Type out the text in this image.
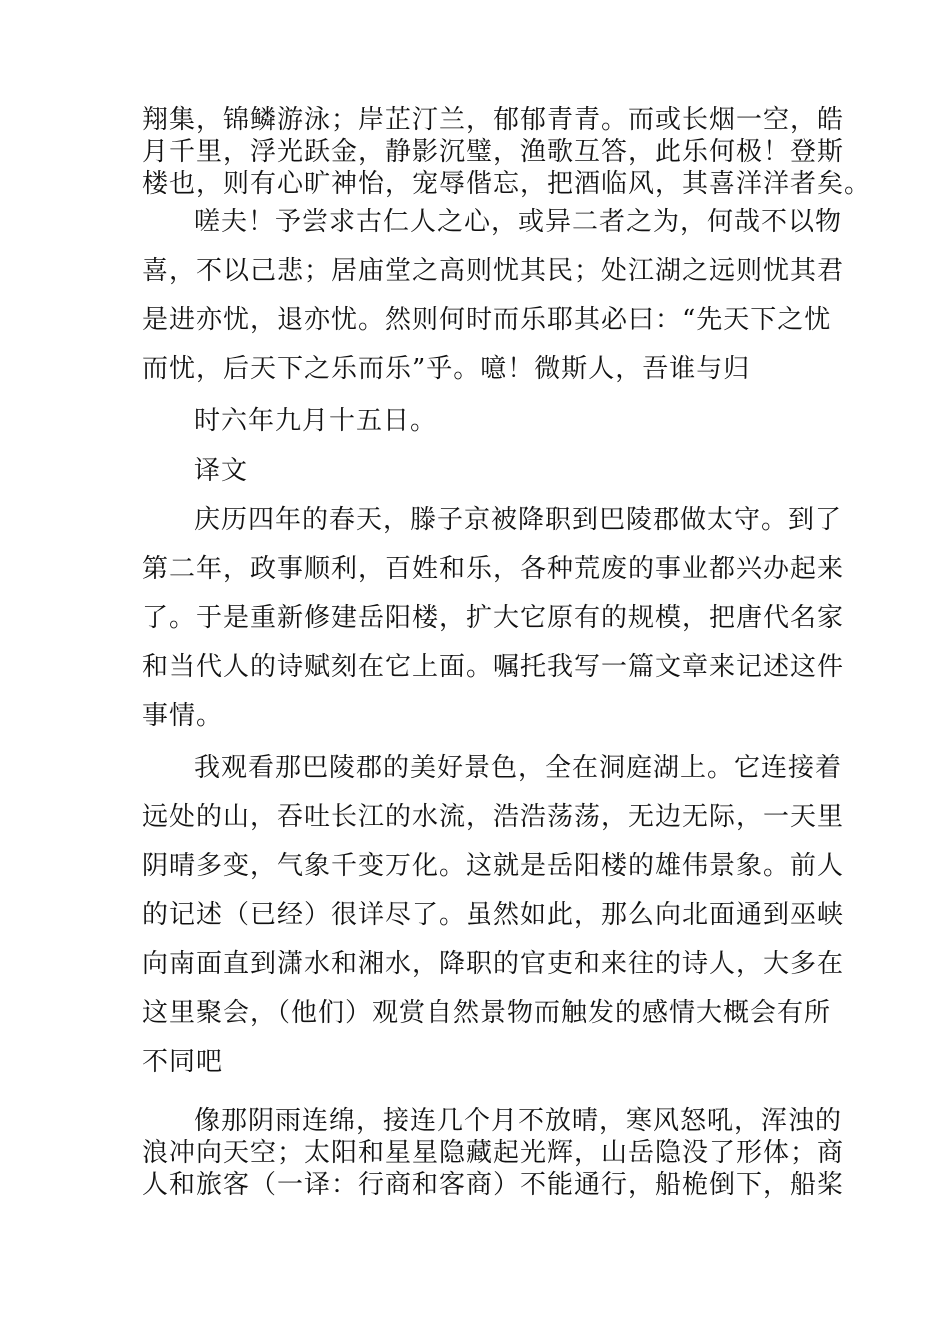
翔集，锦鳞游泳；岸芷汀兰，郁郁青青。而或长烟一空，皓
月千里，浮光跃金，静影沉璧，渔歌互答，此乐何极！登斯
楼也，则有心旷神怡，宠辱偕忘，把酒临风，其喜洋洋者矣。
嗟夫！予尝求古仁人之心，或异二者之为，何哉不以物
喜，不以己悲；居庙堂之高则忧其民；处江湖之远则忧其君
是进亦忧，退亦忧。然则何时而乐耶其必曰：“先天下之忧
而忧，后天下之乐而乐”乎。噫！微斯人，吾谁与归
时六年九月十五日。
译文
庆历四年的春天，滕子京被降职到巴陵郡做太守。到了
第二年，政事顺利，百姓和乐，各种荒废的事业都兴办起来
了。于是重新修建岳阳楼，扩大它原有的规模，把唐代名家
和当代人的诗赋刻在它上面。嘱托我写一篇文章来记述这件
事情。
我观看那巴陵郡的美好景色，全在洞庭湖上。它连接着
远处的山，吞吐长江的水流，浩浩荡荡，无边无际，一天里
阴晴多变，气象千变万化。这就是岳阳楼的雄伟景象。前人
的记述（已经）很详尽了。虽然如此，那么向北面通到巫峡
向南面直到潇水和湘水，降职的官吏和来往的诗人，大多在
这里聚会，（他们）观赏自然景物而触发的感情大概会有所
不同吧
像那阴雨连绵，接连几个月不放晴，寒风怒吼，浑浊的
浪冲向天空；太阳和星星隐藏起光辉，山岳隐没了形体；商
人和旅客（一译：行商和客商）不能通行，船桅倒下，船桨
